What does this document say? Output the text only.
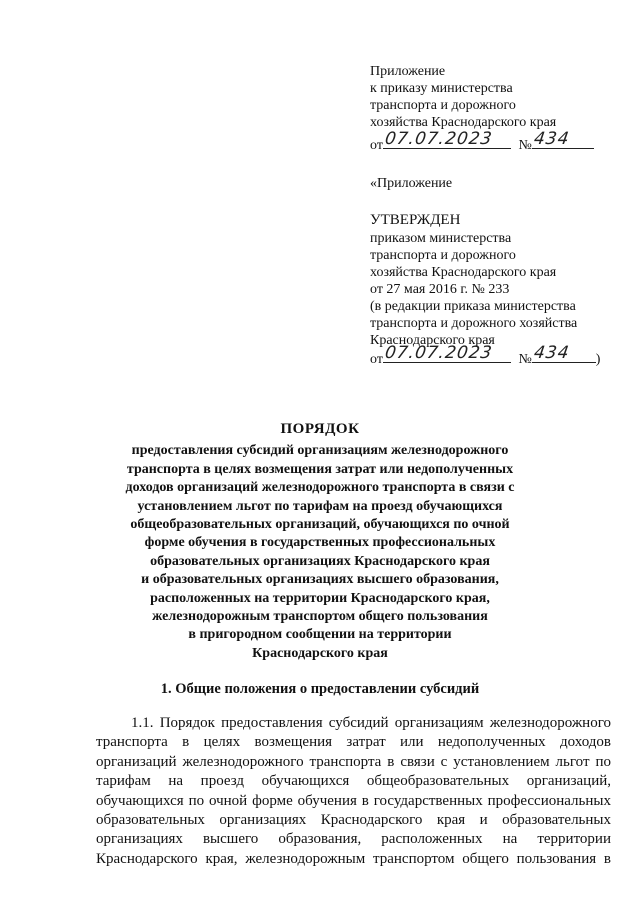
Приложение
к приказу министерства
транспорта и дорожного
хозяйства Краснодарского края
от 07.07.2023 № 434
«Приложение
УТВЕРЖДЕН
приказом министерства
транспорта и дорожного
хозяйства Краснодарского края
от 27 мая 2016 г. № 233
(в редакции приказа министерства
транспорта и дорожного хозяйства
Краснодарского края
от 07.07.2023 № 434 )
ПОРЯДОК
предоставления субсидий организациям железнодорожного
транспорта в целях возмещения затрат или недополученных
доходов организаций железнодорожного транспорта в связи с
установлением льгот по тарифам на проезд обучающихся
общеобразовательных организаций, обучающихся по очной
форме обучения в государственных профессиональных
образовательных организациях Краснодарского края
и образовательных организациях высшего образования,
расположенных на территории Краснодарского края,
железнодорожным транспортом общего пользования
в пригородном сообщении на территории
Краснодарского края
1. Общие положения о предоставлении субсидий
1.1. Порядок предоставления субсидий организациям железнодорожного
транспорта в целях возмещения затрат или недополученных доходов
организаций железнодорожного транспорта в связи с установлением льгот по
тарифам на проезд обучающихся общеобразовательных организаций,
обучающихся по очной форме обучения в государственных профессиональных
образовательных организациях Краснодарского края и образовательных
организациях высшего образования, расположенных на территории
Краснодарского края, железнодорожным транспортом общего пользования в
